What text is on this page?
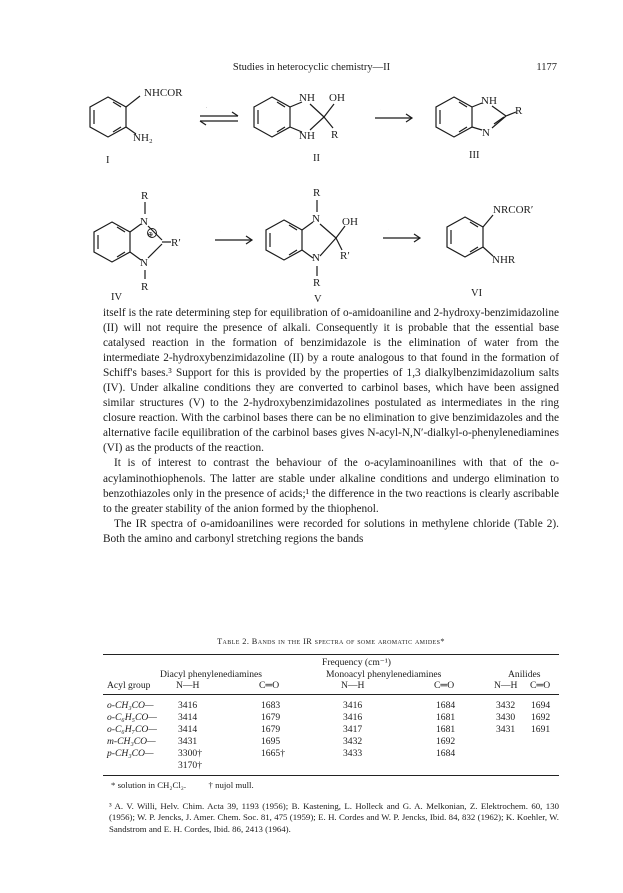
Studies in heterocyclic chemistry—II	1177
NHCOR
NH₂
I
⇌
NH OH
NH R
II
→
NH
N
R
III
R
N
⊕
R′
N
R
IV
→
R
N OH
N R′
R
V
→
NRCOR′
NHR
VI

itself is the rate determining step for equilibration of o-amidoaniline and 2-hydroxy-benzimidazoline (II) will not require the presence of alkali. Consequently it is probable that the essential base catalysed reaction in the formation of benzimidazole is the elimination of water from the intermediate 2-hydroxybenzimidazoline (II) by a route analogous to that found in the formation of Schiff's bases.³ Support for this is provided by the properties of 1,3 dialkylbenzimidazolium salts (IV). Under alkaline conditions they are converted to carbinol bases, which have been assigned similar structures (V) to the 2-hydroxybenzimidazolines postulated as intermediates in the ring closure reaction. With the carbinol bases there can be no elimination to give benzimidazoles and the alternative facile equilibration of the carbinol bases gives N-acyl-N,N′-dialkyl-o-phenylenediamines (VI) as the products of the reaction.

It is of interest to contrast the behaviour of the o-acylaminoanilines with that of the o-acylaminothiophenols. The latter are stable under alkaline conditions and undergo elimination to benzothiazoles only in the presence of acids;¹ the difference in the two reactions is clearly ascribable to the greater stability of the anion formed by the thiophenol.

The IR spectra of o-amidoanilines were recorded for solutions in methylene chloride (Table 2). Both the amino and carbonyl stretching regions the bands

Table 2. Bands in the IR spectra of some aromatic amides*
Frequency (cm⁻¹)
Diacyl phenylenediamines	Monoacyl phenylenediamines	Anilides
Acyl group	N—H	C═O	N—H	C═O	N—H C═O
o-CH₃CO—	3416	1683	3416	1684	3432 1694
o-C₆H₅CO— 3414	1679	3416	1681	3430 1692
o-C₆H₇CO— 3414	1679	3417	1681	3431 1691
m-CH₃CO— 3431	1695	3432	1692
p-CH₃CO—	3300†	1665†	3433	1684
3170†
* solution in CH₂Cl₂.	† nujol mull.
³ A. V. Willi, Helv. Chim. Acta 39, 1193 (1956); B. Kastening, L. Holleck and G. A. Melkonian, Z. Elektrochem. 60, 130 (1956); W. P. Jencks, J. Amer. Chem. Soc. 81, 475 (1959); E. H. Cordes and W. P. Jencks, Ibid. 84, 832 (1962); K. Koehler, W. Sandstrom and E. H. Cordes, Ibid. 86, 2413 (1964).
